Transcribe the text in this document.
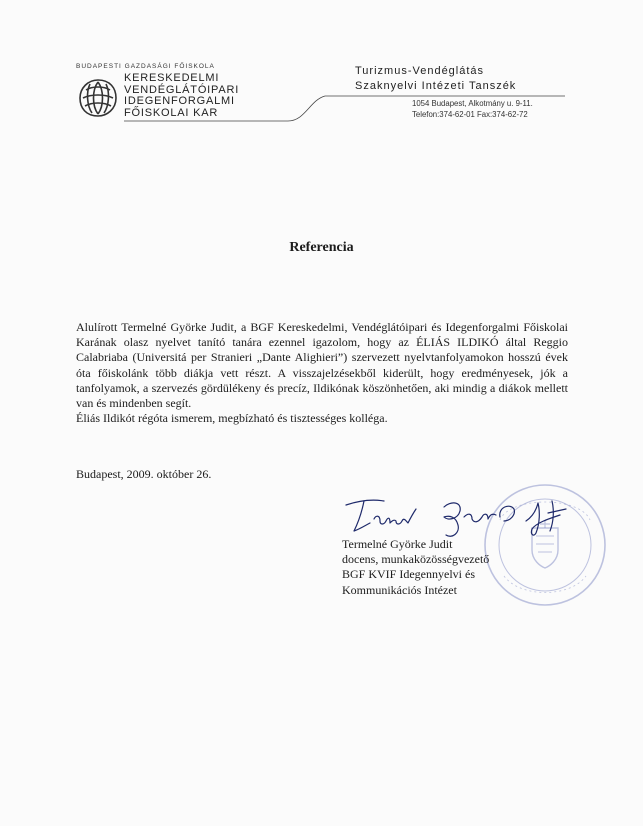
BUDAPESTI GAZDASÁGI FŐISKOLA
KERESKEDELMI
VENDÉGLÁTÓIPARI
IDEGENFORGALMI
FŐISKOLAI KAR
Turizmus-Vendéglátás
Szaknyelvi Intézeti Tanszék
1054 Budapest, Alkotmány u. 9-11.
Telefon:374-62-01 Fax:374-62-72
Referencia

Alulírott Termelné Györke Judit, a BGF Kereskedelmi, Vendéglátóipari és Idegenforgalmi Főiskolai Karának olasz nyelvet tanító tanára ezennel igazolom, hogy az ÉLIÁS ILDIKÓ által Reggio Calabriaba (Universitá per Stranieri „Dante Alighieri”) szervezett nyelvtanfolyamokon hosszú évek óta főiskolánk több diákja vett részt. A visszajelzésekből kiderült, hogy eredményesek, jók a tanfolyamok, a szervezés gördülékeny és precíz, Ildikónak köszönhetően, aki mindig a diákok mellett van és mindenben segít.

Éliás Ildikót régóta ismerem, megbízható és tisztességes kolléga.

Budapest, 2009. október 26.
Termelné Györke Judit
docens, munkaközösségvezető
BGF KVIF Idegennyelvi és
Kommunikációs Intézet
